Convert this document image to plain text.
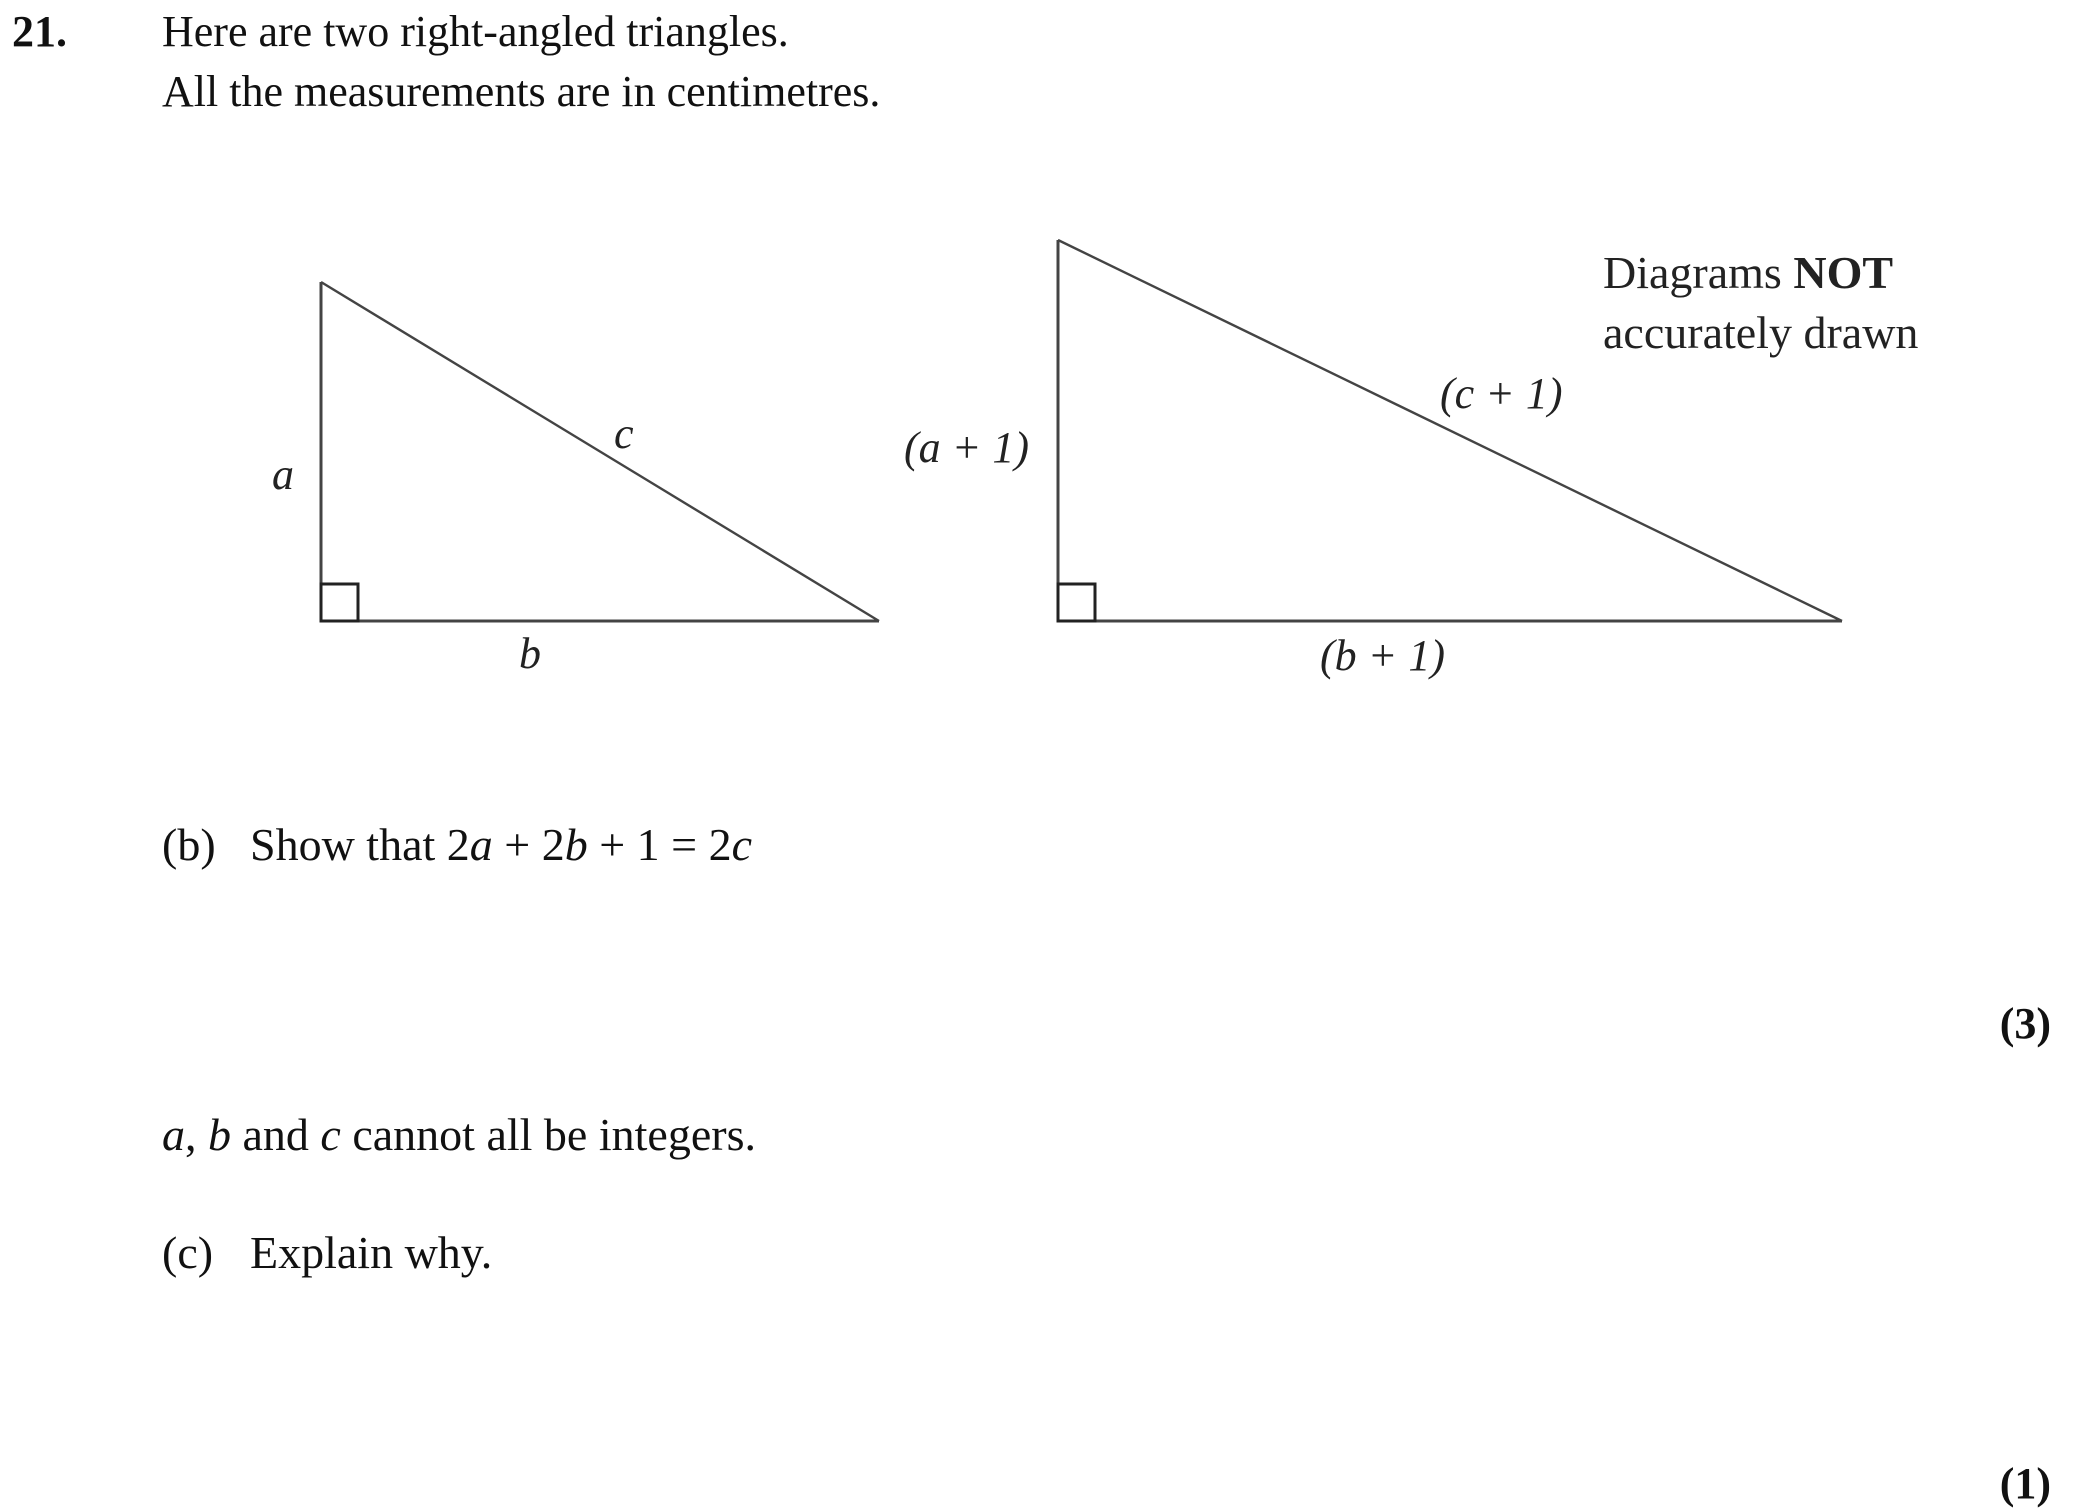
21. Here are two right-angled triangles.
All the measurements are in centimetres.
a
b
c	(a + 1)
(b + 1)
(c + 1)
Diagrams NOT
accurately drawn
(b) Show that 2a + 2b + 1 = 2c
(3)
a, b and c cannot all be integers.
(c) Explain why.
(1)
